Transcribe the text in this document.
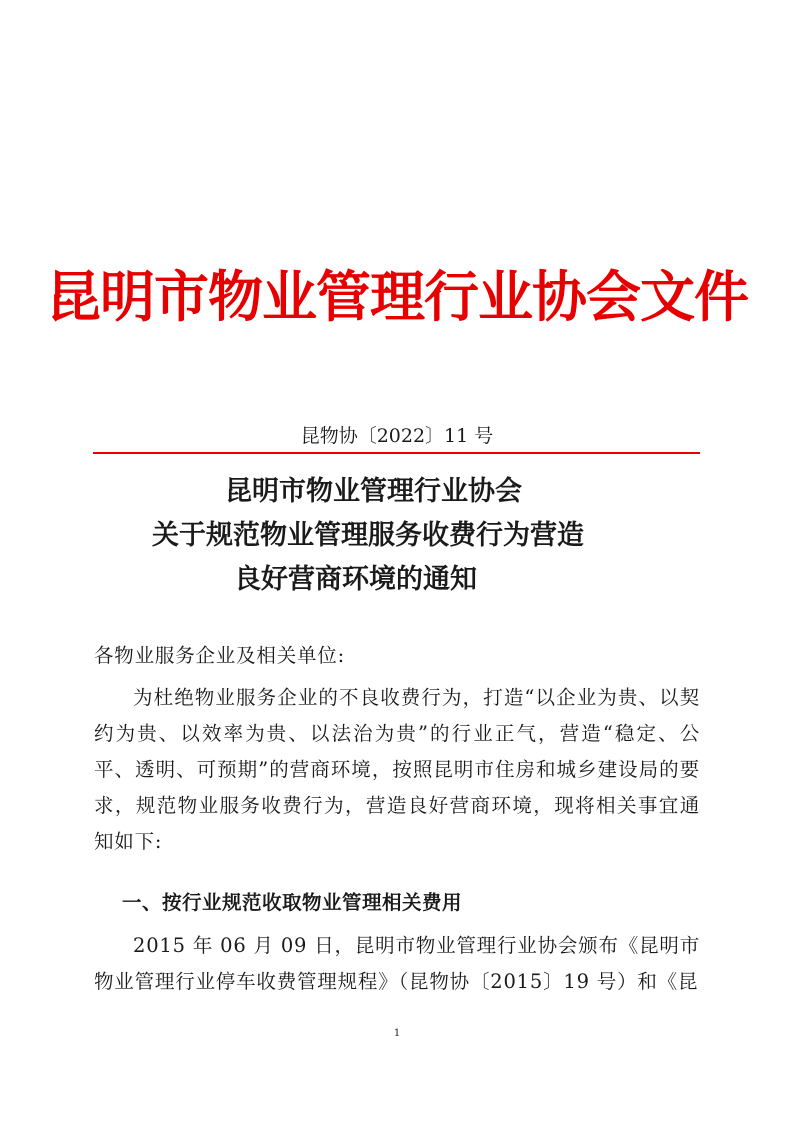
昆明市物业管理行业协会文件
昆物协〔2022〕11 号
昆明市物业管理行业协会
关于规范物业管理服务收费行为营造
良好营商环境的通知
各物业服务企业及相关单位:
为杜绝物业服务企业的不良收费行为，打造“以企业为贵、以契约为贵、以效率为贵、以法治为贵”的行业正气，营造“稳定、公平、透明、可预期”的营商环境，按照昆明市住房和城乡建设局的要求，规范物业服务收费行为，营造良好营商环境，现将相关事宜通知如下:
一、按行业规范收取物业管理相关费用
2015 年 06 月 09 日，昆明市物业管理行业协会颁布《昆明市物业管理行业停车收费管理规程》（昆物协〔2015〕19 号）和《昆
1
